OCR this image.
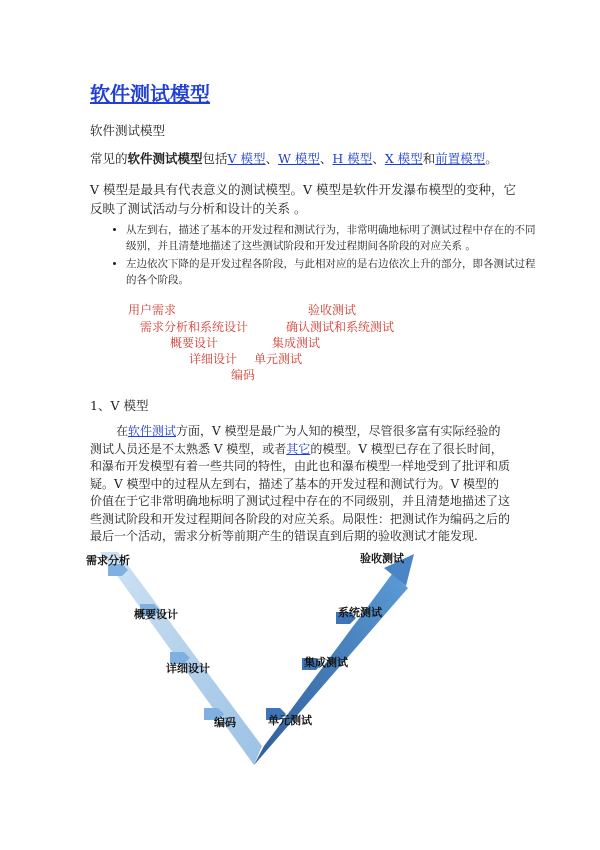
软件测试模型

软件测试模型

常见的软件测试模型包括V 模型、W 模型、H 模型、X 模型和前置模型。

V 模型是最具有代表意义的测试模型。V 模型是软件开发瀑布模型的变种，它反映了测试活动与分析和设计的关系 。

• 从左到右，描述了基本的开发过程和测试行为，非常明确地标明了测试过程中存在的不同级别，并且清楚地描述了这些测试阶段和开发过程期间各阶段的对应关系 。
• 左边依次下降的是开发过程各阶段，与此相对应的是右边依次上升的部分，即各测试过程的各个阶段。
用户需求
需求分析和系统设计
概要设计
详细设计
验收测试
确认测试和系统测试
集成测试
单元测试
编码

1、V 模型

在软件测试方面，V 模型是最广为人知的模型，尽管很多富有实际经验的测试人员还是不太熟悉 V 模型，或者其它的模型。V 模型已存在了很长时间，和瀑布开发模型有着一些共同的特性，由此也和瀑布模型一样地受到了批评和质疑。V 模型中的过程从左到右，描述了基本的开发过程和测试行为。V 模型的价值在于它非常明确地标明了测试过程中存在的不同级别，并且清楚地描述了这些测试阶段和开发过程期间各阶段的对应关系。局限性：把测试作为编码之后的最后一个活动，需求分析等前期产生的错误直到后期的验收测试才能发现.

需求分析
概要设计
详细设计
编码	单元测试
集成测试
系统测试
验收测试
